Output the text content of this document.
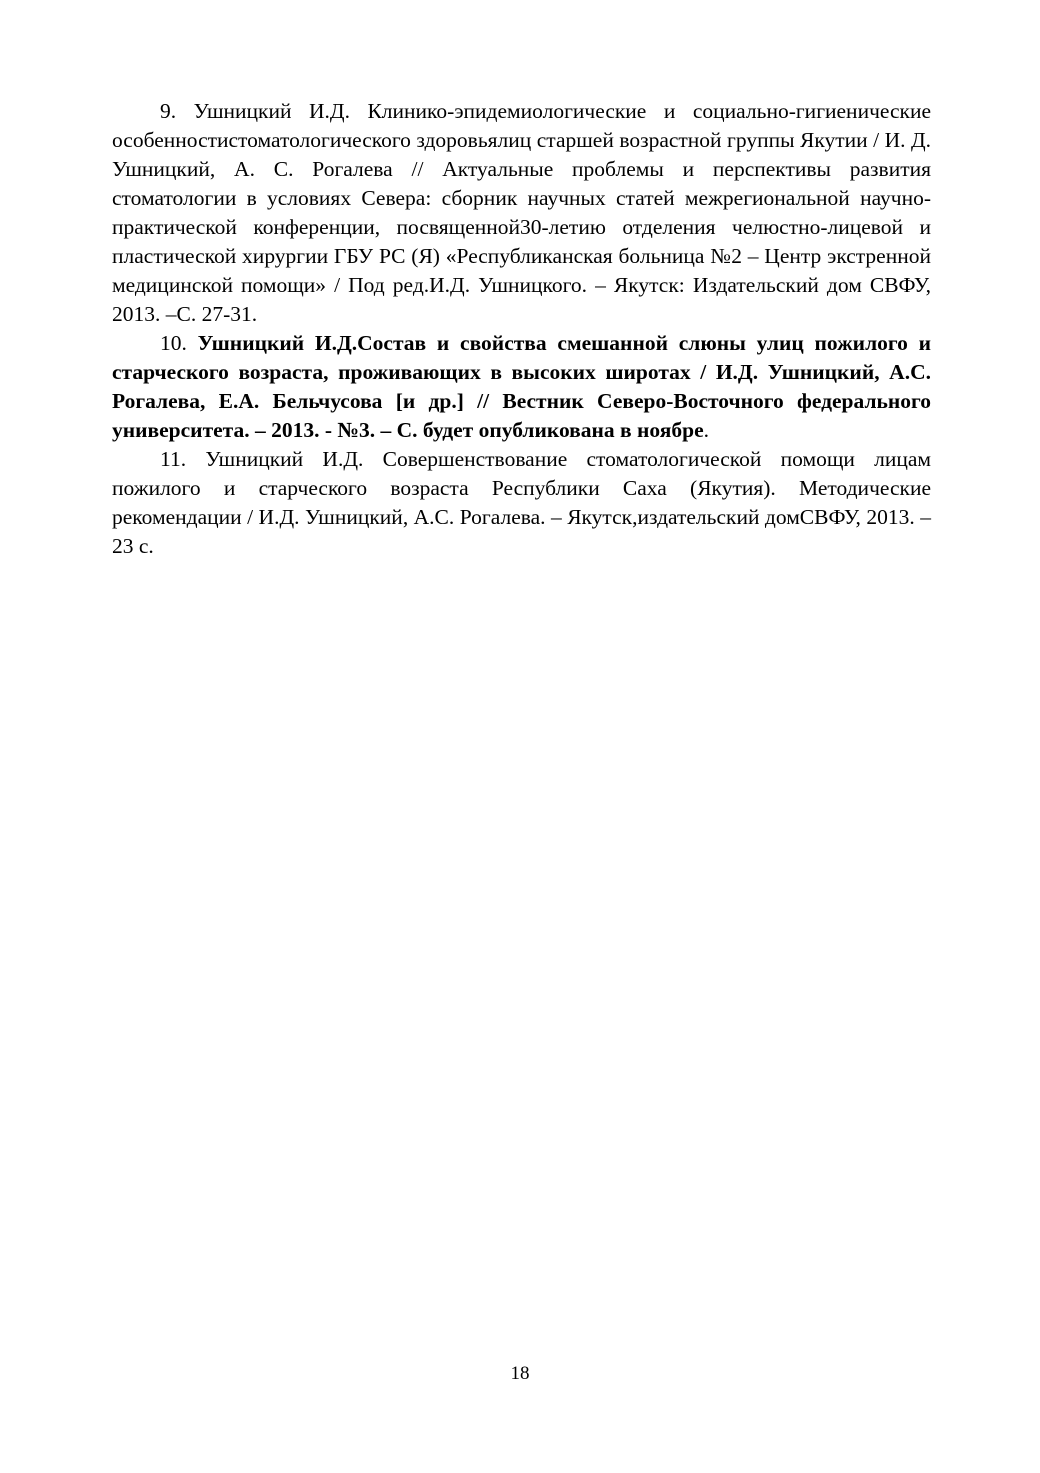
9. Ушницкий И.Д. Клинико-эпидемиологические и социально-гигиенические особенностистоматологического здоровьялиц старшей возрастной группы Якутии / И. Д. Ушницкий, А. С. Рогалева // Актуальные проблемы и перспективы развития стоматологии в условиях Севера: сборник научных статей межрегиональной научно-практической конференции, посвященной30-летию отделения челюстно-лицевой и пластической хирургии ГБУ РС (Я) «Республиканская больница №2 – Центр экстренной медицинской помощи» / Под ред.И.Д. Ушницкого. – Якутск: Издательский дом СВФУ, 2013. –С. 27-31.

10. Ушницкий И.Д.Состав и свойства смешанной слюны улиц пожилого и старческого возраста, проживающих в высоких широтах / И.Д. Ушницкий, А.С. Рогалева, Е.А. Бельчусова [и др.] // Вестник Северо-Восточного федерального университета. – 2013. - №3. – С. будет опубликована в ноябре.

11. Ушницкий И.Д. Совершенствование стоматологической помощи лицам пожилого и старческого возраста Республики Саха (Якутия). Методические рекомендации / И.Д. Ушницкий, А.С. Рогалева. – Якутск,издательский домСВФУ, 2013. – 23 с.

18
